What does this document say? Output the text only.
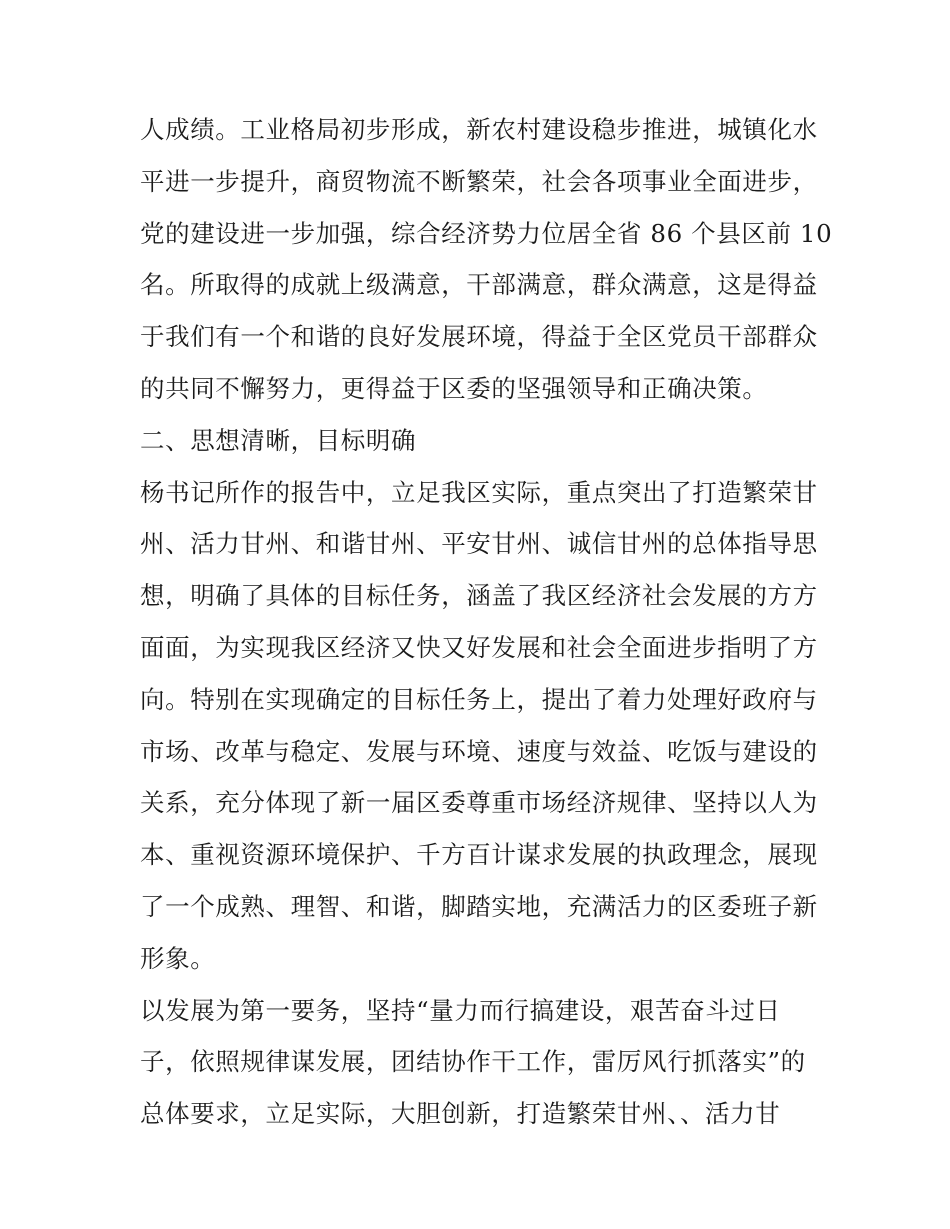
人成绩。工业格局初步形成，新农村建设稳步推进，城镇化水
平进一步提升，商贸物流不断繁荣，社会各项事业全面进步，
党的建设进一步加强，综合经济势力位居全省 86 个县区前 10
名。所取得的成就上级满意，干部满意，群众满意，这是得益
于我们有一个和谐的良好发展环境，得益于全区党员干部群众
的共同不懈努力，更得益于区委的坚强领导和正确决策。
二、思想清晰，目标明确
杨书记所作的报告中，立足我区实际，重点突出了打造繁荣甘
州、活力甘州、和谐甘州、平安甘州、诚信甘州的总体指导思
想，明确了具体的目标任务，涵盖了我区经济社会发展的方方
面面，为实现我区经济又快又好发展和社会全面进步指明了方
向。特别在实现确定的目标任务上，提出了着力处理好政府与
市场、改革与稳定、发展与环境、速度与效益、吃饭与建设的
关系，充分体现了新一届区委尊重市场经济规律、坚持以人为
本、重视资源环境保护、千方百计谋求发展的执政理念，展现
了一个成熟、理智、和谐，脚踏实地，充满活力的区委班子新
形象。
以发展为第一要务，坚持“量力而行搞建设，艰苦奋斗过日
子，依照规律谋发展，团结协作干工作，雷厉风行抓落实”的
总体要求，立足实际，大胆创新，打造繁荣甘州、、活力甘
